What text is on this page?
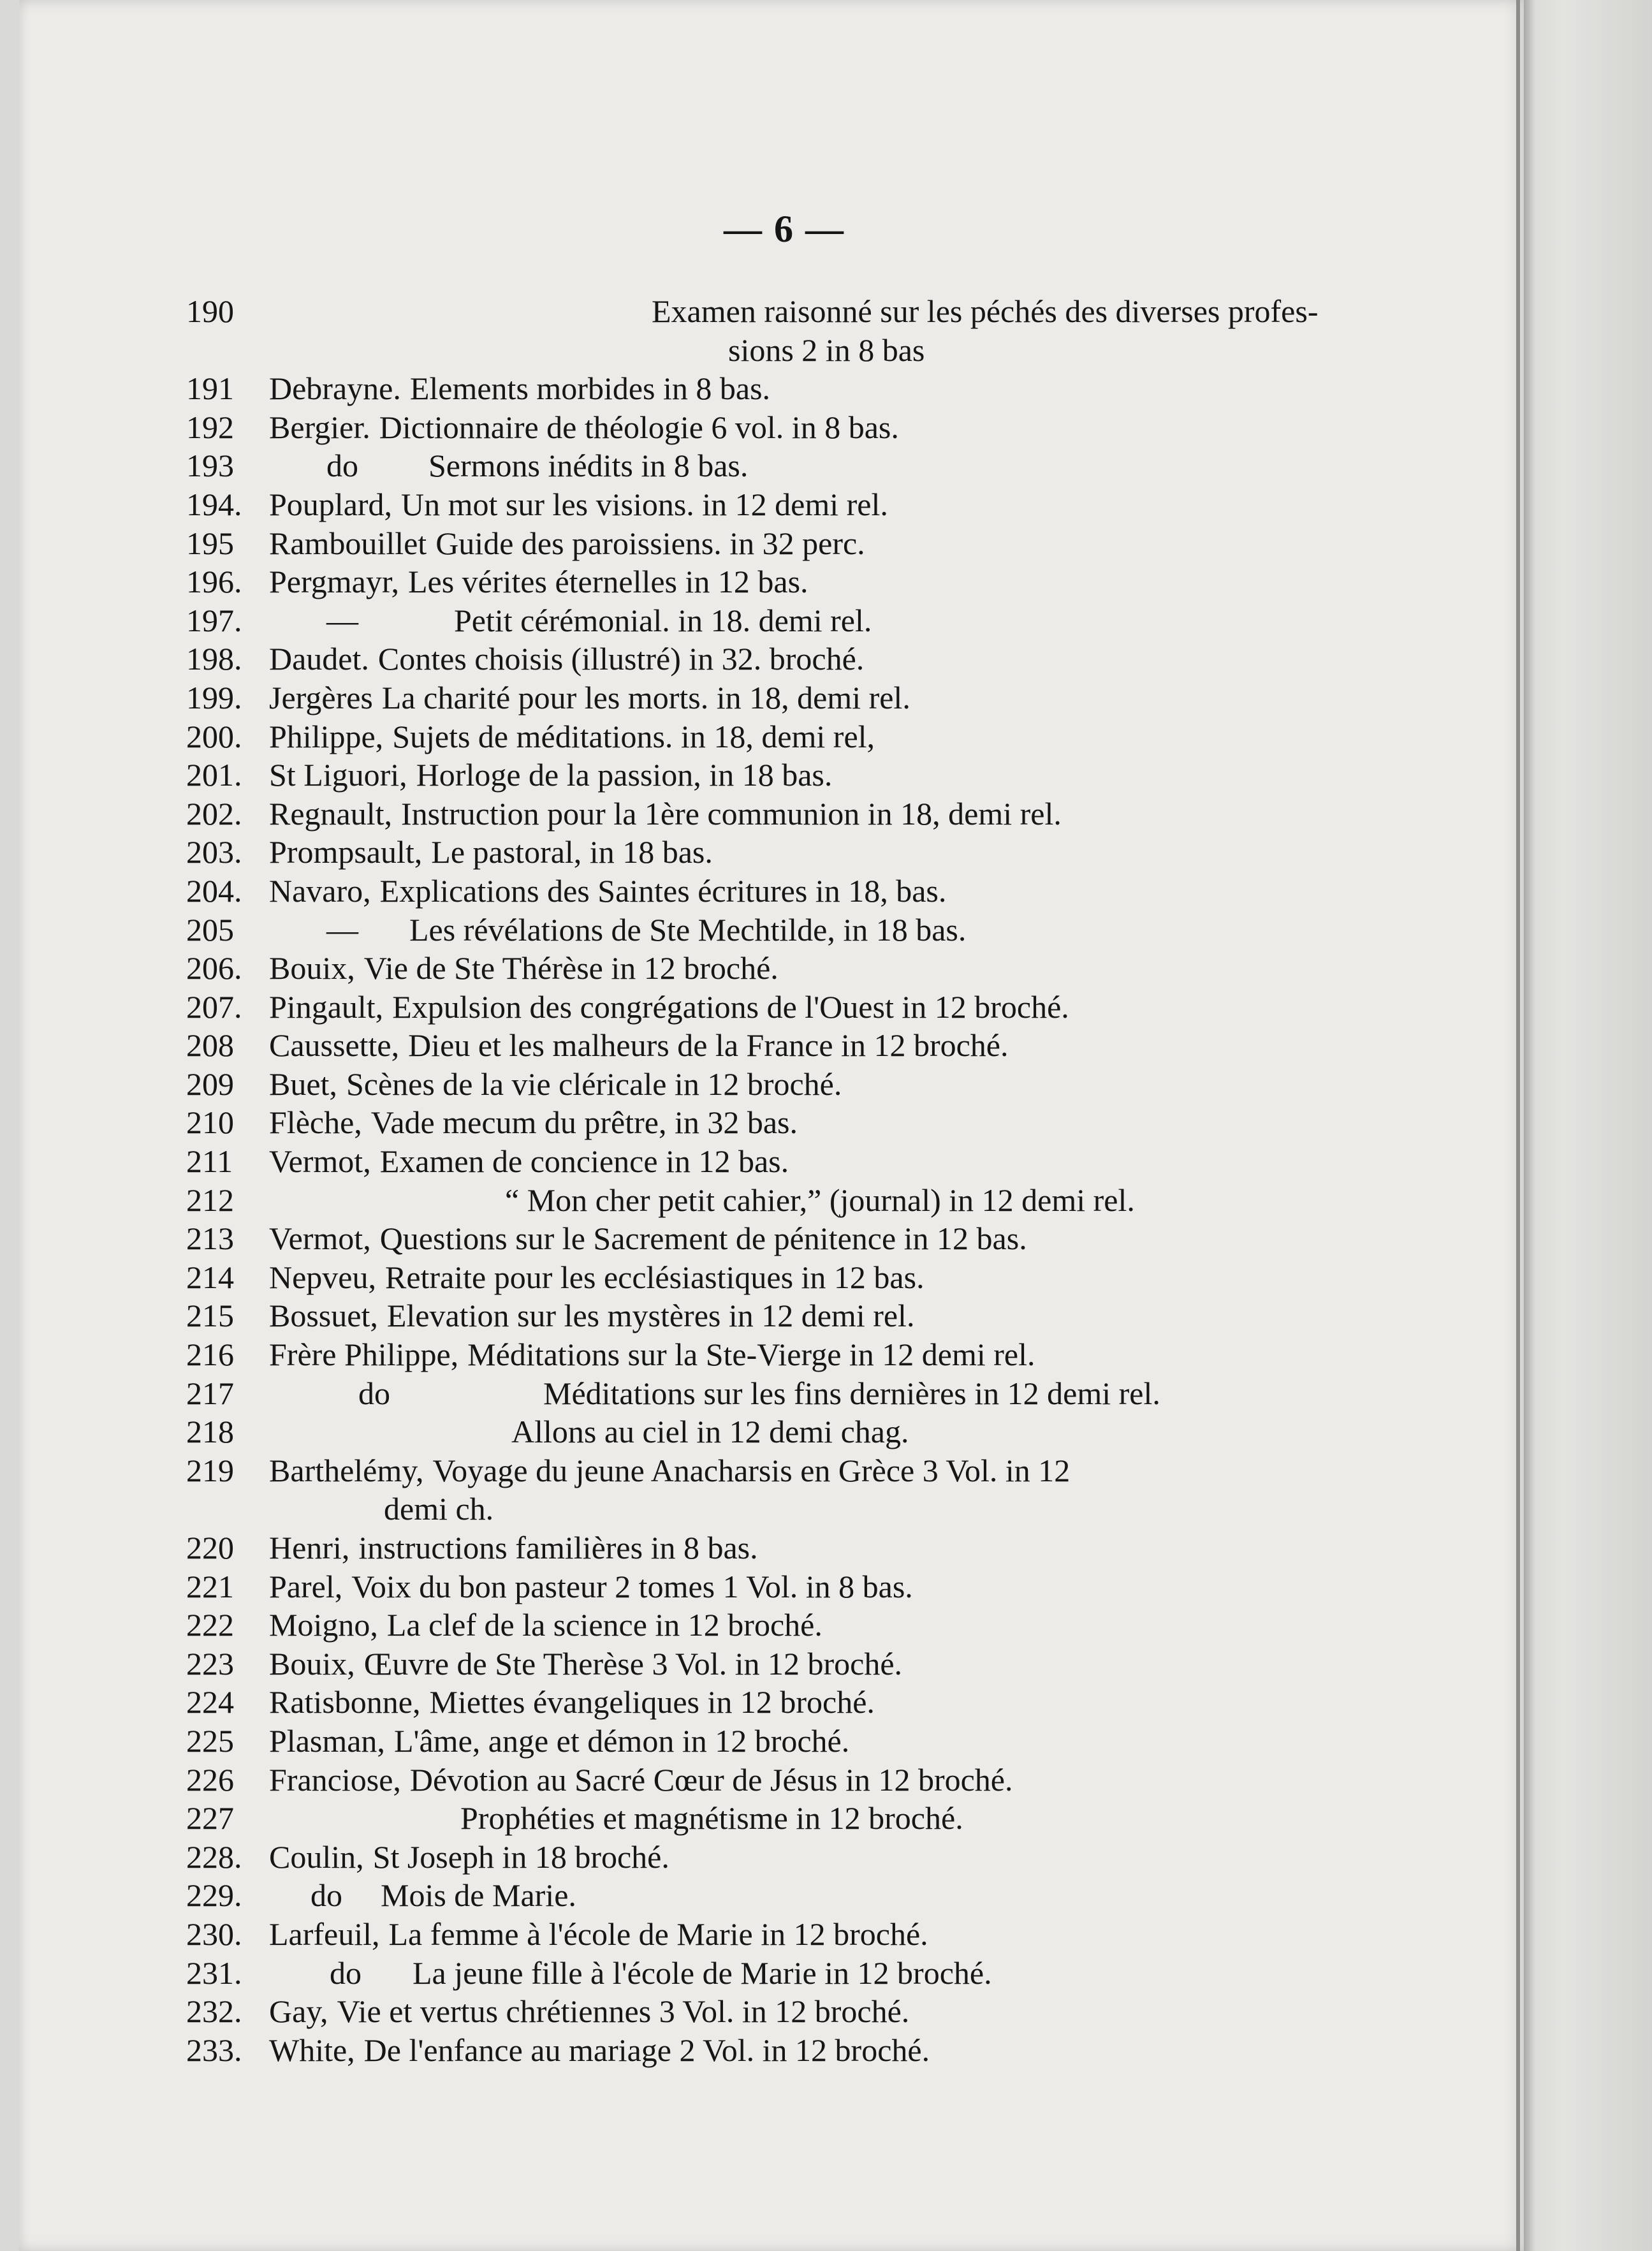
— 6 —
190	Examen raisonné sur les péchés des diverses profes-
sions 2 in 8 bas
191	Debrayne. Elements morbides in 8 bas.
192	Bergier. Dictionnaire de théologie 6 vol. in 8 bas.
193	do Sermons inédits in 8 bas.
194. Pouplard, Un mot sur les visions. in 12 demi rel.
195	Rambouillet Guide des paroissiens. in 32 perc.
196. Pergmayr, Les vérites éternelles in 12 bas.
197.	—	Petit cérémonial. in 18. demi rel.
198. Daudet. Contes choisis (illustré) in 32. broché.
199. Jergères La charité pour les morts. in 18, demi rel.
200. Philippe, Sujets de méditations. in 18, demi rel,
201. St Liguori, Horloge de la passion, in 18 bas.
202. Regnault, Instruction pour la 1ère communion in 18, demi rel.
203. Prompsault, Le pastoral, in 18 bas.
204. Navaro, Explications des Saintes écritures in 18, bas.
205	— Les révélations de Ste Mechtilde, in 18 bas.
206. Bouix, Vie de Ste Thérèse in 12 broché.
207. Pingault, Expulsion des congrégations de l'Ouest in 12 broché.
208	Caussette, Dieu et les malheurs de la France in 12 broché.
209	Buet, Scènes de la vie cléricale in 12 broché.
210	Flèche, Vade mecum du prêtre, in 32 bas.
211	Vermot, Examen de concience in 12 bas.
212	“ Mon cher petit cahier,” (journal) in 12 demi rel.
213	Vermot, Questions sur le Sacrement de pénitence in 12 bas.
214	Nepveu, Retraite pour les ecclésiastiques in 12 bas.
215	Bossuet, Elevation sur les mystères in 12 demi rel.
216	Frère Philippe, Méditations sur la Ste-Vierge in 12 demi rel.
217	do	Méditations sur les fins dernières in 12 demi rel.
218	Allons au ciel in 12 demi chag.
219	Barthelémy, Voyage du jeune Anacharsis en Grèce 3 Vol. in 12
demi ch.
220	Henri, instructions familières in 8 bas.
221	Parel, Voix du bon pasteur 2 tomes 1 Vol. in 8 bas.
222	Moigno, La clef de la science in 12 broché.
223	Bouix, Œuvre de Ste Therèse 3 Vol. in 12 broché.
224	Ratisbonne, Miettes évangeliques in 12 broché.
225	Plasman, L'âme, ange et démon in 12 broché.
226	Franciose, Dévotion au Sacré Cœur de Jésus in 12 broché.
227	Prophéties et magnétisme in 12 broché.
228. Coulin, St Joseph in 18 broché.
229.	do Mois de Marie.
230. Larfeuil, La femme à l'école de Marie in 12 broché.
231.	do La jeune fille à l'école de Marie in 12 broché.
232. Gay, Vie et vertus chrétiennes 3 Vol. in 12 broché.
233. White, De l'enfance au mariage 2 Vol. in 12 broché.
